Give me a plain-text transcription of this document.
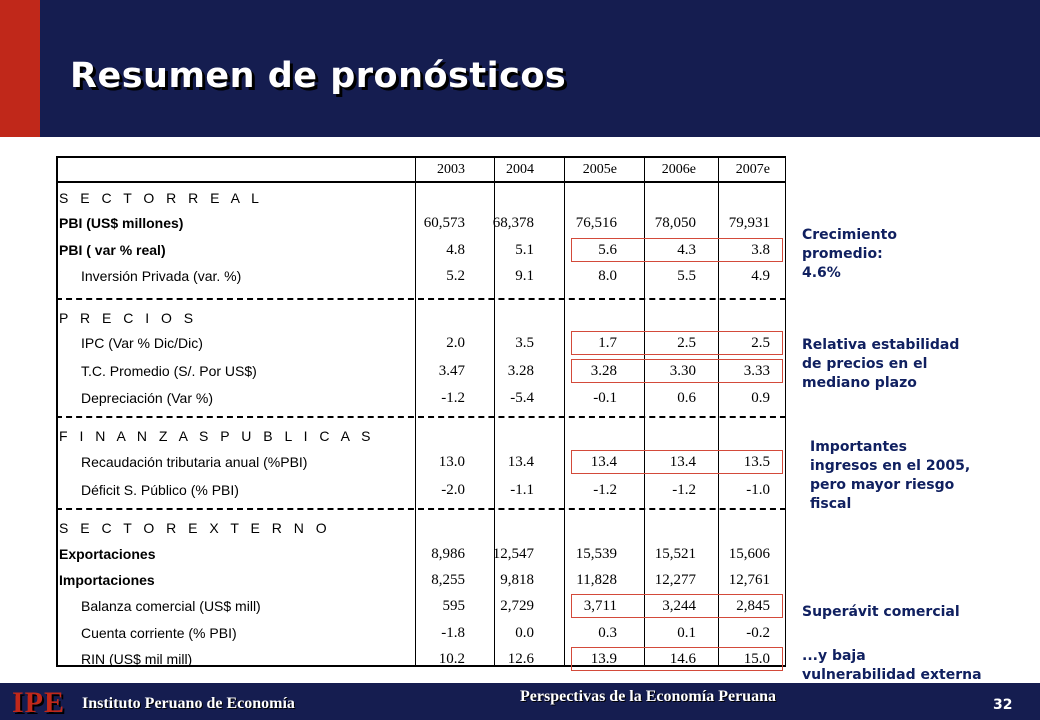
Resumen de pronósticos
2003	2004	2005e	2006e	2007e
S E C T O R R E A L
PBI (US$ millones)	60,573	68,378	76,516	78,050	79,931
PBI ( var % real)	4.8	5.1	5.6	4.3	3.8
Inversión Privada (var. %)	5.2	9.1	8.0	5.5	4.9
P R E C I O S
IPC (Var % Dic/Dic)	2.0	3.5	1.7	2.5	2.5
T.C. Promedio (S/. Por US$)	3.47	3.28	3.28	3.30	3.33
Depreciación (Var %)	-1.2	-5.4	-0.1	0.6	0.9
F I N A N Z A S P U B L I C A S
Recaudación tributaria anual (%PBI)	13.0	13.4	13.4	13.4	13.5
Déficit S. Público (% PBI)	-2.0	-1.1	-1.2	-1.2	-1.0
S E C T O R E X T E R N O
Exportaciones	8,986	12,547	15,539	15,521	15,606
Importaciones	8,255	9,818	11,828	12,277	12,761
Balanza comercial (US$ mill)	595	2,729	3,711	3,244	2,845
Cuenta corriente (% PBI)	-1.8	0.0	0.3	0.1	-0.2
RIN (US$ mil mill)	10.2	12.6	13.9	14.6	15.0
Crecimiento
promedio:
4.6%
Relativa estabilidad
de precios en el
mediano plazo
Importantes
ingresos en el 2005,
pero mayor riesgo
fiscal
Superávit comercial
...y baja
vulnerabilidad externa
IPE Instituto Peruano de Economía	Perspectivas de la Economía Peruana	32
